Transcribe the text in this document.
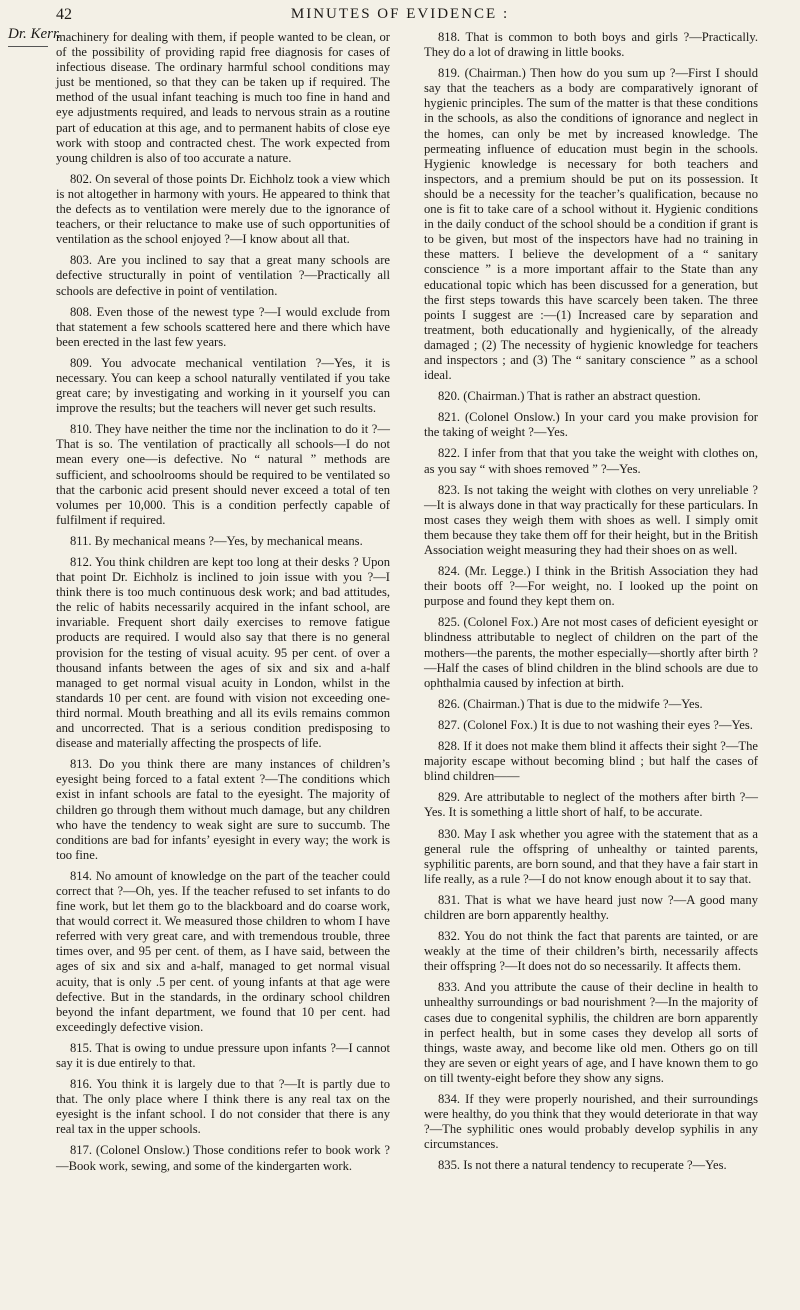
Dr. Kerr.
42	MINUTES OF EVIDENCE :

machinery for dealing with them, if people wanted to be clean, or of the possibility of providing rapid free diagnosis for cases of infectious disease. The ordinary harmful school conditions may just be mentioned, so that they can be taken up if required. The method of the usual infant teaching is much too fine in hand and eye adjustments required, and leads to nervous strain as a routine part of education at this age, and to permanent habits of close eye work with stoop and contracted chest. The work expected from young children is also of too accurate a nature.

802. On several of those points Dr. Eichholz took a view which is not altogether in harmony with yours. He appeared to think that the defects as to ventilation were merely due to the ignorance of teachers, or their reluctance to make use of such opportunities of ventilation as the school enjoyed ?—I know about all that.

803. Are you inclined to say that a great many schools are defective structurally in point of ventilation ?—Practically all schools are defective in point of ventilation.

808. Even those of the newest type ?—I would exclude from that statement a few schools scattered here and there which have been erected in the last few years.

809. You advocate mechanical ventilation ?—Yes, it is necessary. You can keep a school naturally ventilated if you take great care; by investigating and working in it yourself you can improve the results; but the teachers will never get such results.

810. They have neither the time nor the inclination to do it ?—That is so. The ventilation of practically all schools—I do not mean every one—is defective. No “ natural ” methods are sufficient, and schoolrooms should be required to be ventilated so that the carbonic acid present should never exceed a total of ten volumes per 10,000. This is a condition perfectly capable of fulfilment if required.

811. By mechanical means ?—Yes, by mechanical means.

812. You think children are kept too long at their desks ? Upon that point Dr. Eichholz is inclined to join issue with you ?—I think there is too much continuous desk work; and bad attitudes, the relic of habits necessarily acquired in the infant school, are invariable. Frequent short daily exercises to remove fatigue products are required. I would also say that there is no general provision for the testing of visual acuity. 95 per cent. of over a thousand infants between the ages of six and six and a-half managed to get normal visual acuity in London, whilst in the standards 10 per cent. are found with vision not exceeding one-third normal. Mouth breathing and all its evils remains common and uncorrected. That is a serious condition predisposing to disease and materially affecting the prospects of life.

813. Do you think there are many instances of children’s eyesight being forced to a fatal extent ?—The conditions which exist in infant schools are fatal to the eyesight. The majority of children go through them without much damage, but any children who have the tendency to weak sight are sure to succumb. The conditions are bad for infants’ eyesight in every way; the work is too fine.

814. No amount of knowledge on the part of the teacher could correct that ?—Oh, yes. If the teacher refused to set infants to do fine work, but let them go to the blackboard and do coarse work, that would correct it. We measured those children to whom I have referred with very great care, and with tremendous trouble, three times over, and 95 per cent. of them, as I have said, between the ages of six and six and a-half, managed to get normal visual acuity, that is only .5 per cent. of young infants at that age were defective. But in the standards, in the ordinary school children beyond the infant department, we found that 10 per cent. had exceedingly defective vision.

815. That is owing to undue pressure upon infants ?—I cannot say it is due entirely to that.

816. You think it is largely due to that ?—It is partly due to that. The only place where I think there is any real tax on the eyesight is the infant school. I do not consider that there is any real tax in the upper schools.

817. (Colonel Onslow.) Those conditions refer to book work ?—Book work, sewing, and some of the kindergarten work.

818. That is common to both boys and girls ?—Practically. They do a lot of drawing in little books.

819. (Chairman.) Then how do you sum up ?—First I should say that the teachers as a body are comparatively ignorant of hygienic principles. The sum of the matter is that these conditions in the schools, as also the conditions of ignorance and neglect in the homes, can only be met by increased knowledge. The permeating influence of education must begin in the schools. Hygienic knowledge is necessary for both teachers and inspectors, and a premium should be put on its possession. It should be a necessity for the teacher’s qualification, because no one is fit to take care of a school without it. Hygienic conditions in the daily conduct of the school should be a condition if grant is to be given, but most of the inspectors have had no training in these matters. I believe the development of a “ sanitary conscience ” is a more important affair to the State than any educational topic which has been discussed for a generation, but the first steps towards this have scarcely been taken. The three points I suggest are :—(1) Increased care by separation and treatment, both educationally and hygienically, of the already damaged ; (2) The necessity of hygienic knowledge for teachers and inspectors ; and (3) The “ sanitary conscience ” as a school ideal.

820. (Chairman.) That is rather an abstract question.

821. (Colonel Onslow.) In your card you make provision for the taking of weight ?—Yes.

822. I infer from that that you take the weight with clothes on, as you say “ with shoes removed ” ?—Yes.

823. Is not taking the weight with clothes on very unreliable ?—It is always done in that way practically for these particulars. In most cases they weigh them with shoes as well. I simply omit them because they take them off for their height, but in the British Association weight measuring they had their shoes on as well.

824. (Mr. Legge.) I think in the British Association they had their boots off ?—For weight, no. I looked up the point on purpose and found they kept them on.

825. (Colonel Fox.) Are not most cases of deficient eyesight or blindness attributable to neglect of children on the part of the mothers—the parents, the mother especially—shortly after birth ?—Half the cases of blind children in the blind schools are due to ophthalmia caused by infection at birth.

826. (Chairman.) That is due to the midwife ?—Yes.

827. (Colonel Fox.) It is due to not washing their eyes ?—Yes.

828. If it does not make them blind it affects their sight ?—The majority escape without becoming blind ; but half the cases of blind children——

829. Are attributable to neglect of the mothers after birth ?—Yes. It is something a little short of half, to be accurate.

830. May I ask whether you agree with the statement that as a general rule the offspring of unhealthy or tainted parents, syphilitic parents, are born sound, and that they have a fair start in life really, as a rule ?—I do not know enough about it to say that.

831. That is what we have heard just now ?—A good many children are born apparently healthy.

832. You do not think the fact that parents are tainted, or are weakly at the time of their children’s birth, necessarily affects their offspring ?—It does not do so necessarily. It affects them.

833. And you attribute the cause of their decline in health to unhealthy surroundings or bad nourishment ?—In the majority of cases due to congenital syphilis, the children are born apparently in perfect health, but in some cases they develop all sorts of things, waste away, and become like old men. Others go on till they are seven or eight years of age, and I have known them to go on till twenty-eight before they show any signs.

834. If they were properly nourished, and their surroundings were healthy, do you think that they would deteriorate in that way ?—The syphilitic ones would probably develop syphilis in any circumstances.

835. Is not there a natural tendency to recuperate ?—Yes.
